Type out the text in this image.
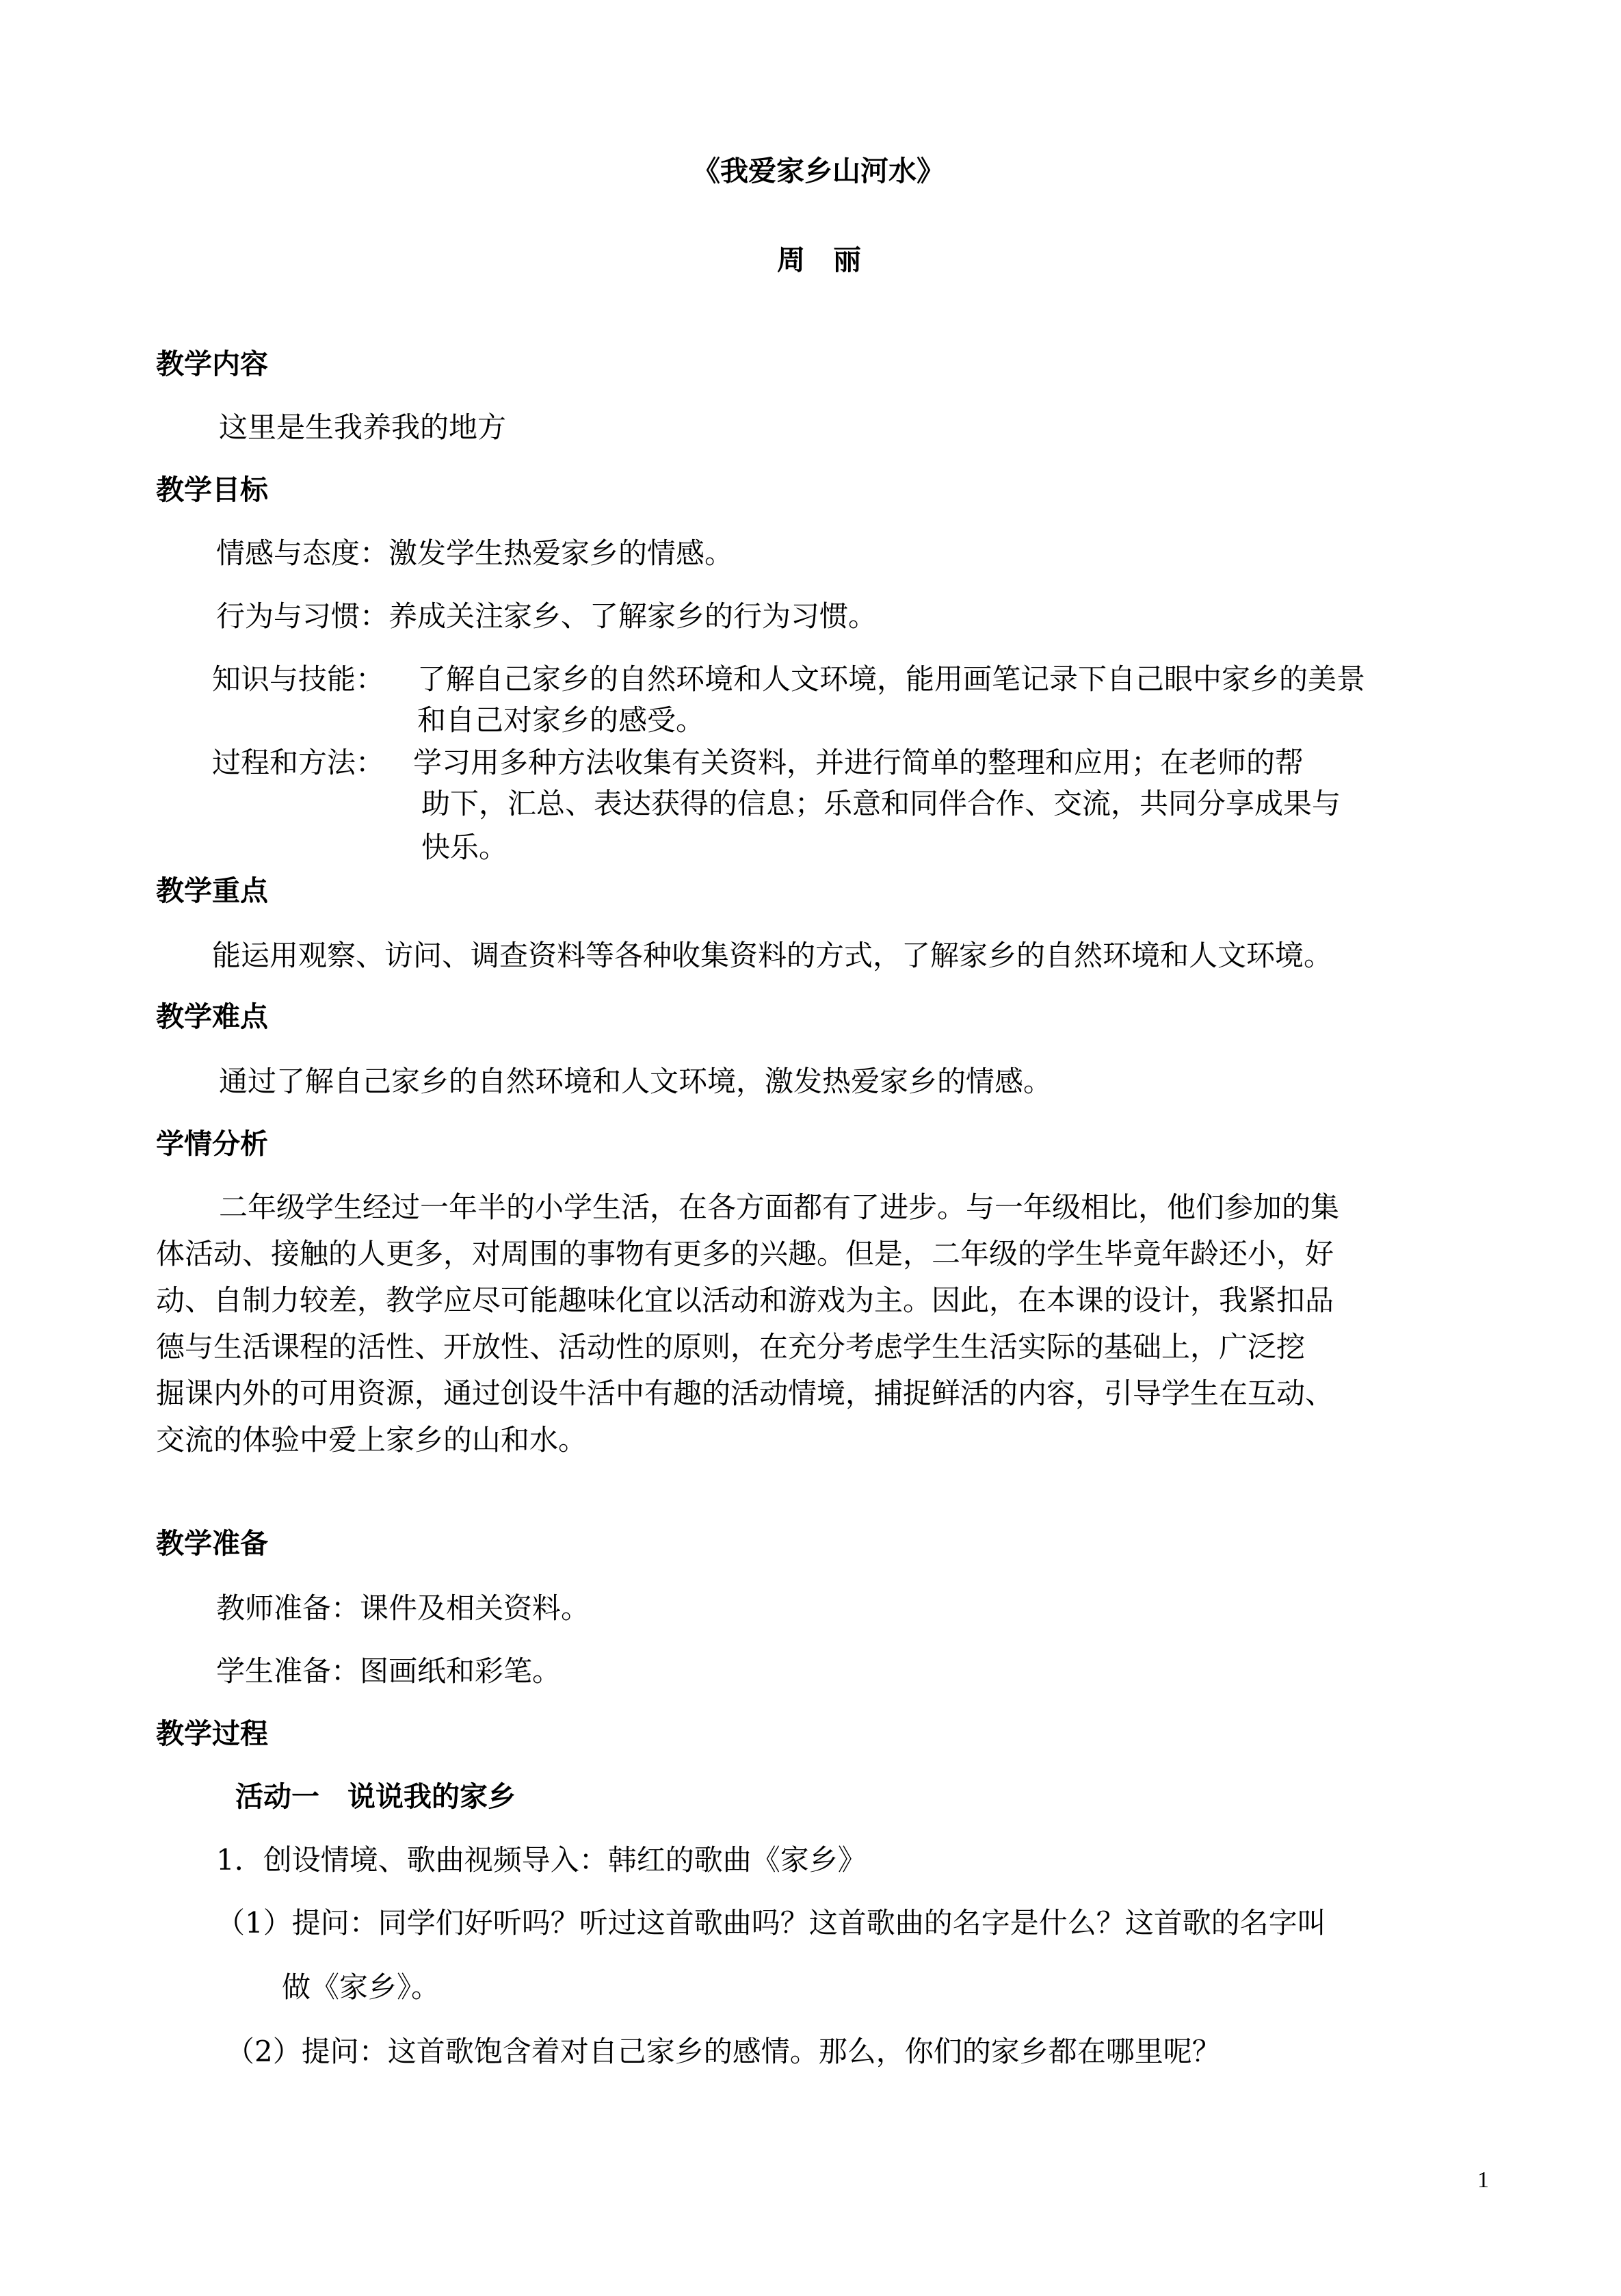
《我爱家乡山河水》
周　丽
教学内容
这里是生我养我的地方
教学目标
情感与态度：激发学生热爱家乡的情感。
行为与习惯：养成关注家乡、了解家乡的行为习惯。
知识与技能： 了解自己家乡的自然环境和人文环境，能用画笔记录下自己眼中家乡的美景
和自己对家乡的感受。
过程和方法： 学习用多种方法收集有关资料，并进行简单的整理和应用；在老师的帮
助下，汇总、表达获得的信息；乐意和同伴合作、交流，共同分享成果与
快乐。
教学重点
能运用观察、访问、调查资料等各种收集资料的方式，了解家乡的自然环境和人文环境。
教学难点
通过了解自己家乡的自然环境和人文环境，激发热爱家乡的情感。
学情分析
二年级学生经过一年半的小学生活，在各方面都有了进步。与一年级相比，他们参加的集
体活动、接触的人更多，对周围的事物有更多的兴趣。但是，二年级的学生毕竟年龄还小，好
动、自制力较差，教学应尽可能趣味化宜以活动和游戏为主。因此，在本课的设计，我紧扣品
德与生活课程的活性、开放性、活动性的原则，在充分考虑学生生活实际的基础上，广泛挖
掘课内外的可用资源，通过创设牛活中有趣的活动情境，捕捉鲜活的内容，引导学生在互动、
交流的体验中爱上家乡的山和水。
教学准备
教师准备：课件及相关资料。
学生准备：图画纸和彩笔。
教学过程
活动一　说说我的家乡
1．创设情境、歌曲视频导入：韩红的歌曲《家乡》
（1）提问：同学们好听吗？听过这首歌曲吗？这首歌曲的名字是什么？这首歌的名字叫
做《家乡》。
（2）提问：这首歌饱含着对自己家乡的感情。那么，你们的家乡都在哪里呢？
1
